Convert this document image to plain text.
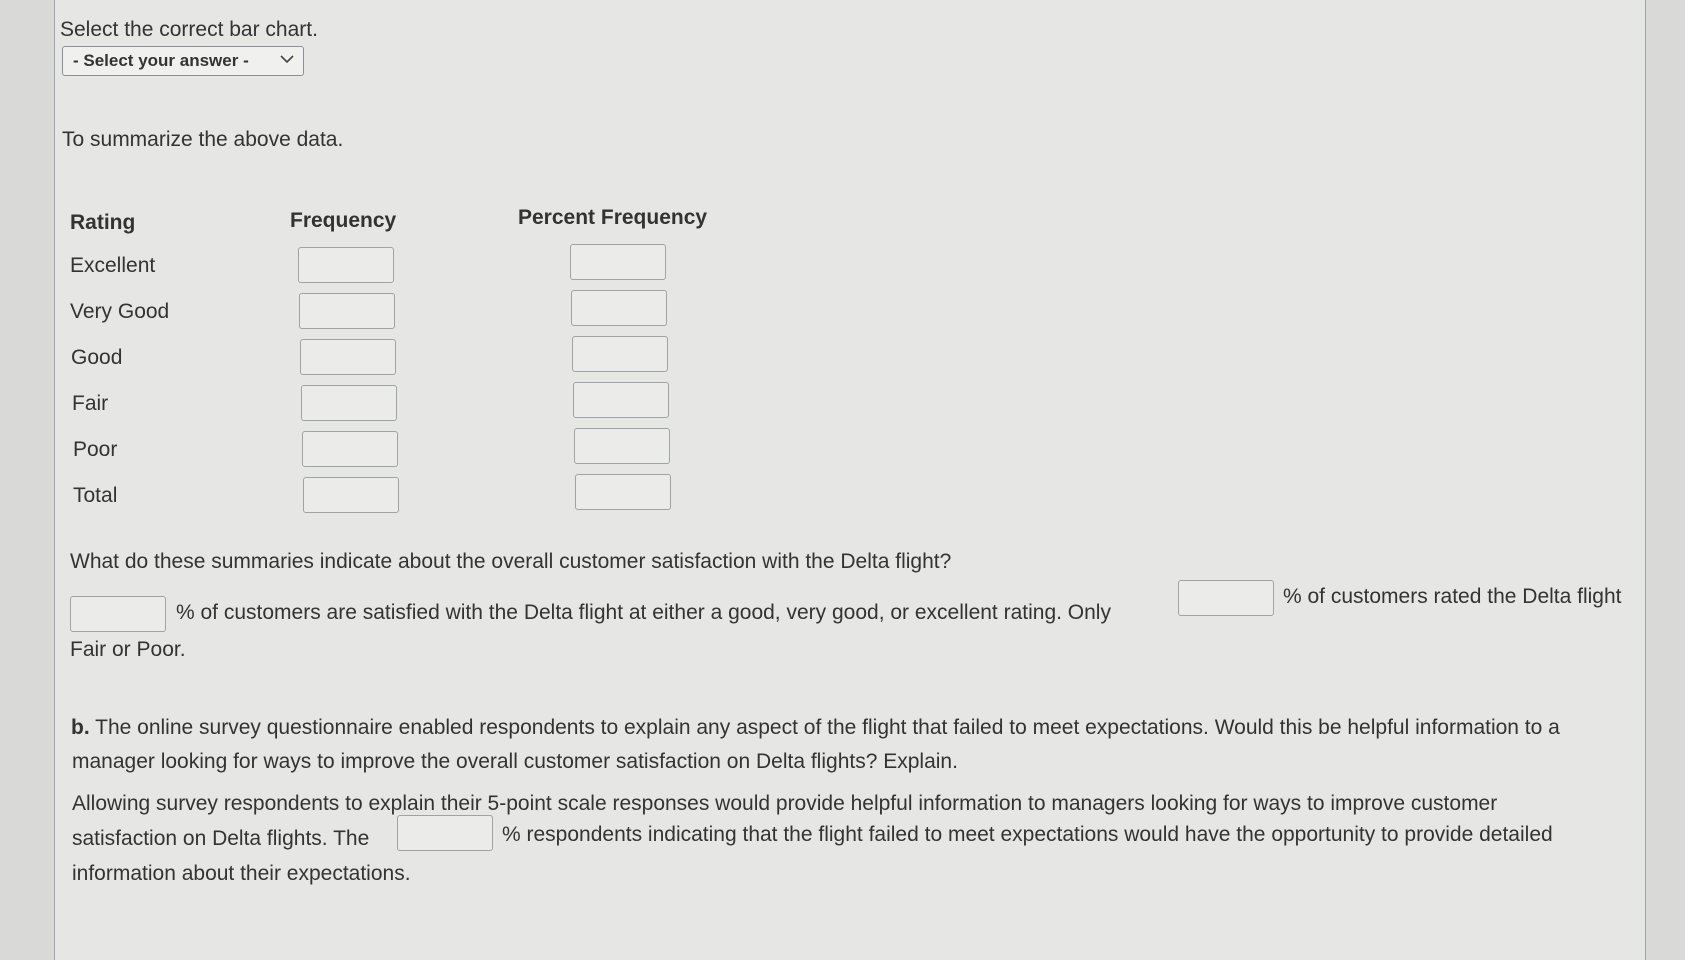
Select the correct bar chart.
- Select your answer -
To summarize the above data.
Rating	Frequency	Percent Frequency
Excellent
Very Good
Good
Fair
Poor
Total
What do these summaries indicate about the overall customer satisfaction with the Delta flight?
% of customers are satisfied with the Delta flight at either a good, very good, or excellent rating. Only
% of customers rated the Delta flight
Fair or Poor.
b. The online survey questionnaire enabled respondents to explain any aspect of the flight that failed to meet expectations. Would this be helpful information to a
manager looking for ways to improve the overall customer satisfaction on Delta flights? Explain.
Allowing survey respondents to explain their 5-point scale responses would provide helpful information to managers looking for ways to improve customer
satisfaction on Delta flights. The	% respondents indicating that the flight failed to meet expectations would have the opportunity to provide detailed
information about their expectations.
